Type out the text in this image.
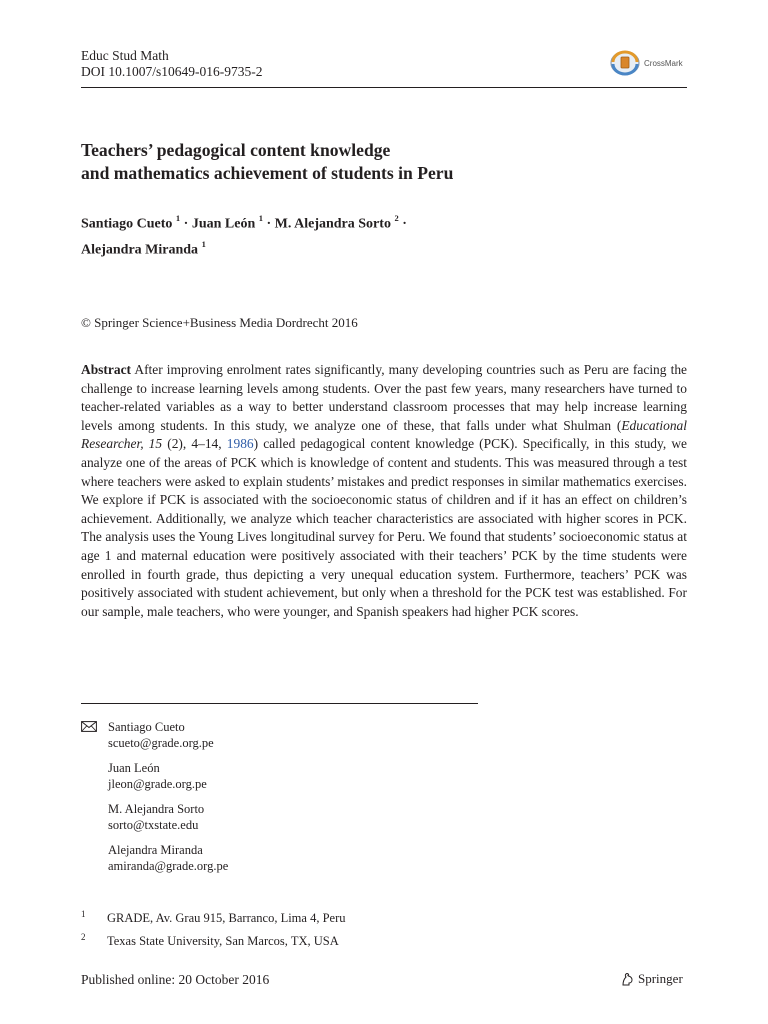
Educ Stud Math
DOI 10.1007/s10649-016-9735-2
CrossMark
Teachers’ pedagogical content knowledge
and mathematics achievement of students in Peru
Santiago Cueto $^1$ · Juan León $^1$ · M. Alejandra Sorto $^2$ ·
Alejandra Miranda $^1$
© Springer Science+Business Media Dordrecht 2016
Abstract After improving enrolment rates significantly, many developing countries such as Peru are facing the challenge to increase learning levels among students. Over the past few years, many researchers have turned to teacher-related variables as a way to better understand classroom processes that may help increase learning levels among students. In this study, we analyze one of these, that falls under what Shulman (Educational Researcher, 15 (2), 4–14, 1986) called pedagogical content knowledge (PCK). Specifically, in this study, we analyze one of the areas of PCK which is knowledge of content and students. This was measured through a test where teachers were asked to explain students’ mistakes and predict responses in similar mathematics exercises. We explore if PCK is associated with the socioeconomic status of children and if it has an effect on children’s achievement. Additionally, we analyze which teacher characteristics are associated with higher scores in PCK. The analysis uses the Young Lives longitudinal survey for Peru. We found that students’ socioeconomic status at age 1 and maternal education were positively associated with their teachers’ PCK by the time students were enrolled in fourth grade, thus depicting a very unequal education system. Furthermore, teachers’ PCK was positively associated with student achievement, but only when a threshold for the PCK test was established. For our sample, male teachers, who were younger, and Spanish speakers had higher PCK scores.
Santiago Cueto
scueto@grade.org.pe
Juan León
jleon@grade.org.pe
M. Alejandra Sorto
sorto@txstate.edu
Alejandra Miranda
amiranda@grade.org.pe
1 GRADE, Av. Grau 915, Barranco, Lima 4, Peru
2 Texas State University, San Marcos, TX, USA
Published online: 20 October 2016	Springer
